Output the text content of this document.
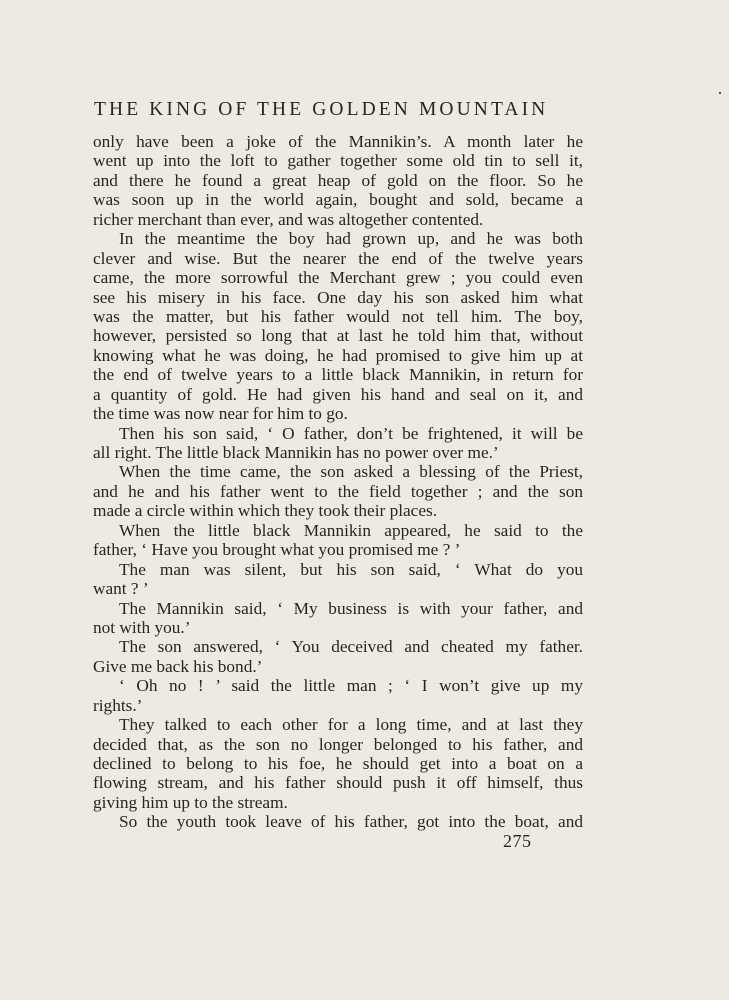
THE KING OF THE GOLDEN MOUNTAIN
only have been a joke of the Mannikin’s. A month later he
went up into the loft to gather together some old tin to sell it,
and there he found a great heap of gold on the floor. So he
was soon up in the world again, bought and sold, became a
richer merchant than ever, and was altogether contented.
In the meantime the boy had grown up, and he was both
clever and wise. But the nearer the end of the twelve years
came, the more sorrowful the Merchant grew ; you could even
see his misery in his face. One day his son asked him what
was the matter, but his father would not tell him. The boy,
however, persisted so long that at last he told him that, without
knowing what he was doing, he had promised to give him up at
the end of twelve years to a little black Mannikin, in return for
a quantity of gold. He had given his hand and seal on it, and
the time was now near for him to go.
Then his son said, ‘ O father, don’t be frightened, it will be
all right. The little black Mannikin has no power over me.’
When the time came, the son asked a blessing of the Priest,
and he and his father went to the field together ; and the son
made a circle within which they took their places.
When the little black Mannikin appeared, he said to the
father, ‘ Have you brought what you promised me ? ’
The man was silent, but his son said, ‘ What do you
want ? ’
The Mannikin said, ‘ My business is with your father, and
not with you.’
The son answered, ‘ You deceived and cheated my father.
Give me back his bond.’
‘ Oh no ! ’ said the little man ; ‘ I won’t give up my
rights.’
They talked to each other for a long time, and at last they
decided that, as the son no longer belonged to his father, and
declined to belong to his foe, he should get into a boat on a
flowing stream, and his father should push it off himself, thus
giving him up to the stream.
So the youth took leave of his father, got into the boat, and
275
